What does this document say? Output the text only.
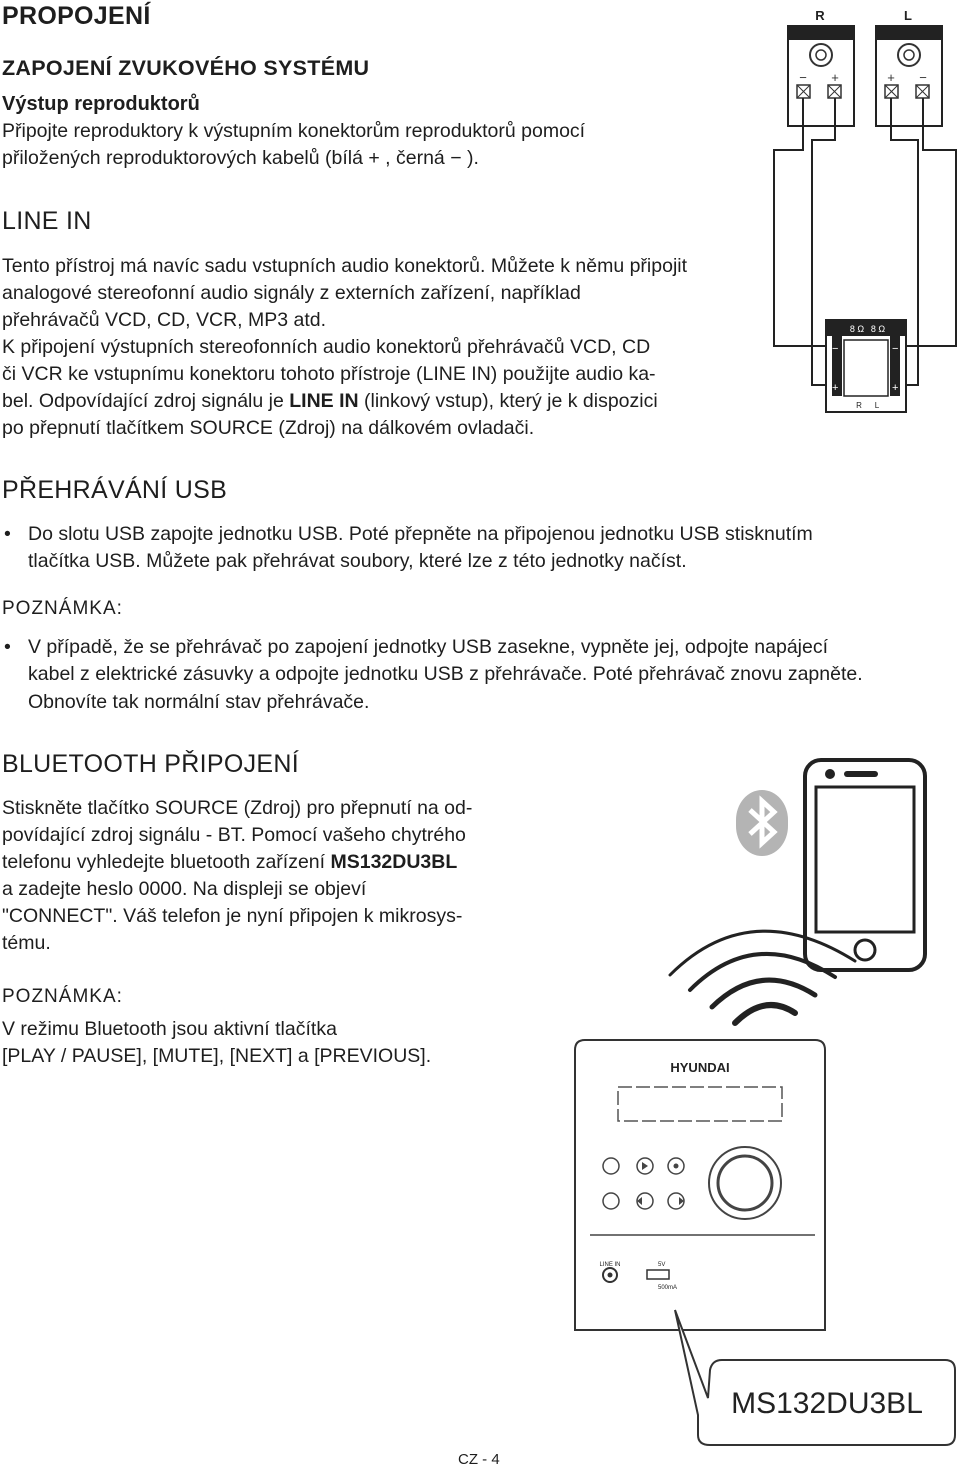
PROPOJENÍ
ZAPOJENÍ ZVUKOVÉHO SYSTÉMU
Výstup reproduktorů

Připojte reproduktory k výstupním konektorům reproduktorů pomocí

přiložených reproduktorových kabelů (bílá + , černá − ).

LINE IN

Tento přístroj má navíc sadu vstupních audio konektorů. Můžete k němu připojit

analogové stereofonní audio signály z externích zařízení, například

přehrávačů VCD, CD, VCR, MP3 atd.

K připojení výstupních stereofonních audio konektorů přehrávačů VCD, CD

či VCR ke vstupnímu konektoru tohoto přístroje (LINE IN) použijte audio ka-

bel. Odpovídající zdroj signálu je LINE IN (linkový vstup), který je k dispozici

po přepnutí tlačítkem SOURCE (Zdroj) na dálkovém ovladači.

PŘEHRÁVÁNÍ USB
• Do slotu USB zapojte jednotku USB. Poté přepněte na připojenou jednotku USB stisknutím
tlačítka USB. Můžete pak přehrávat soubory, které lze z této jednotky načíst.
POZNÁMKA:
• V případě, že se přehrávač po zapojení jednotky USB zasekne, vypněte jej, odpojte napájecí
kabel z elektrické zásuvky a odpojte jednotku USB z přehrávače. Poté přehrávač znovu zapněte.
Obnovíte tak normální stav přehrávače.
BLUETOOTH PŘIPOJENÍ

Stiskněte tlačítko SOURCE (Zdroj) pro přepnutí na od-

povídající zdroj signálu - BT. Pomocí vašeho chytrého

telefonu vyhledejte bluetooth zařízení MS132DU3BL

a zadejte heslo 0000. Na displeji se objeví

"CONNECT". Váš telefon je nyní připojen k mikrosys-

tému.

POZNÁMKA:

V režimu Bluetooth jsou aktivní tlačítka

[PLAY / PAUSE], [MUTE], [NEXT] a [PREVIOUS].

R
− +
L
+ −
8 Ω 8 Ω
−	−
+	+
R L
HYUNDAI
LINE IN	5V
500mA
MS132DU3BL
CZ - 4
